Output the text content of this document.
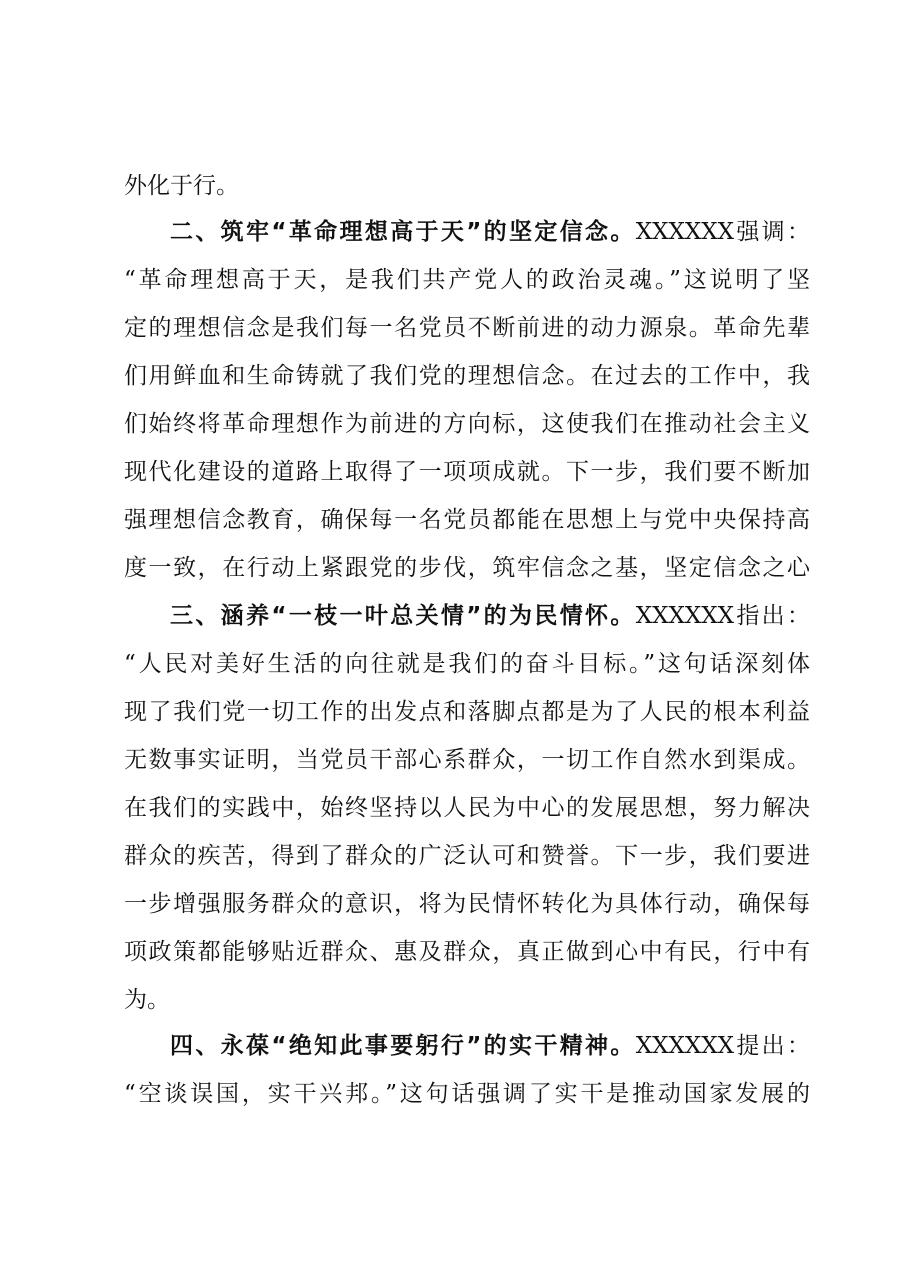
外化于行。
二、筑牢“革命理想高于天”的坚定信念。XXXXXX强调：
“革命理想高于天，是我们共产党人的政治灵魂。”这说明了坚
定的理想信念是我们每一名党员不断前进的动力源泉。革命先辈
们用鲜血和生命铸就了我们党的理想信念。在过去的工作中，我
们始终将革命理想作为前进的方向标，这使我们在推动社会主义
现代化建设的道路上取得了一项项成就。下一步，我们要不断加
强理想信念教育，确保每一名党员都能在思想上与党中央保持高
度一致，在行动上紧跟党的步伐，筑牢信念之基，坚定信念之心
三、涵养“一枝一叶总关情”的为民情怀。XXXXXX指出：
“人民对美好生活的向往就是我们的奋斗目标。”这句话深刻体
现了我们党一切工作的出发点和落脚点都是为了人民的根本利益
无数事实证明，当党员干部心系群众，一切工作自然水到渠成。
在我们的实践中，始终坚持以人民为中心的发展思想，努力解决
群众的疾苦，得到了群众的广泛认可和赞誉。下一步，我们要进
一步增强服务群众的意识，将为民情怀转化为具体行动，确保每
项政策都能够贴近群众、惠及群众，真正做到心中有民，行中有
为。
四、永葆“绝知此事要躬行”的实干精神。XXXXXX提出：
“空谈误国，实干兴邦。”这句话强调了实干是推动国家发展的
